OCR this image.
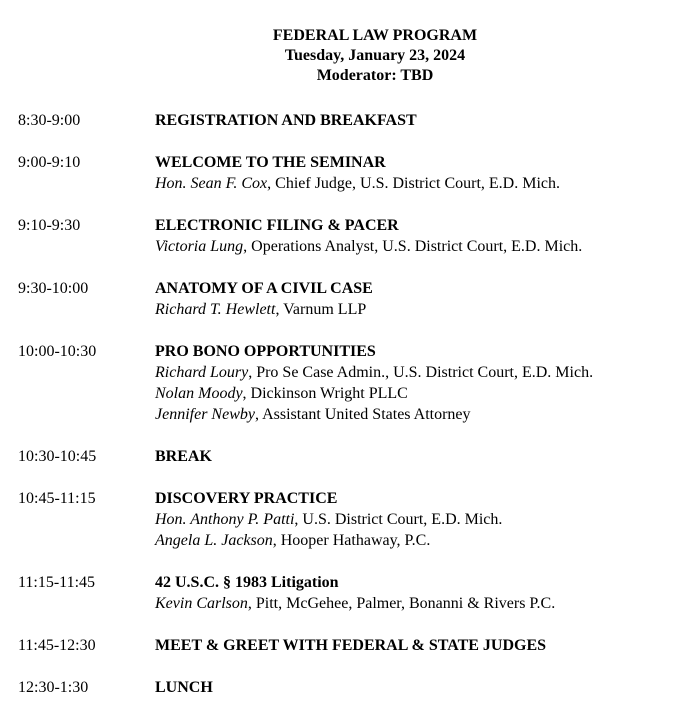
FEDERAL LAW PROGRAM
Tuesday, January 23, 2024
Moderator: TBD
8:30-9:00	REGISTRATION AND BREAKFAST
9:00-9:10	WELCOME TO THE SEMINAR
Hon. Sean F. Cox, Chief Judge, U.S. District Court, E.D. Mich.
9:10-9:30	ELECTRONIC FILING & PACER
Victoria Lung, Operations Analyst, U.S. District Court, E.D. Mich.
9:30-10:00	ANATOMY OF A CIVIL CASE
Richard T. Hewlett, Varnum LLP
10:00-10:30	PRO BONO OPPORTUNITIES
Richard Loury, Pro Se Case Admin., U.S. District Court, E.D. Mich.
Nolan Moody, Dickinson Wright PLLC
Jennifer Newby, Assistant United States Attorney
10:30-10:45	BREAK
10:45-11:15	DISCOVERY PRACTICE
Hon. Anthony P. Patti, U.S. District Court, E.D. Mich.
Angela L. Jackson, Hooper Hathaway, P.C.
11:15-11:45	42 U.S.C. § 1983 Litigation
Kevin Carlson, Pitt, McGehee, Palmer, Bonanni & Rivers P.C.
11:45-12:30	MEET & GREET WITH FEDERAL & STATE JUDGES
12:30-1:30	LUNCH
